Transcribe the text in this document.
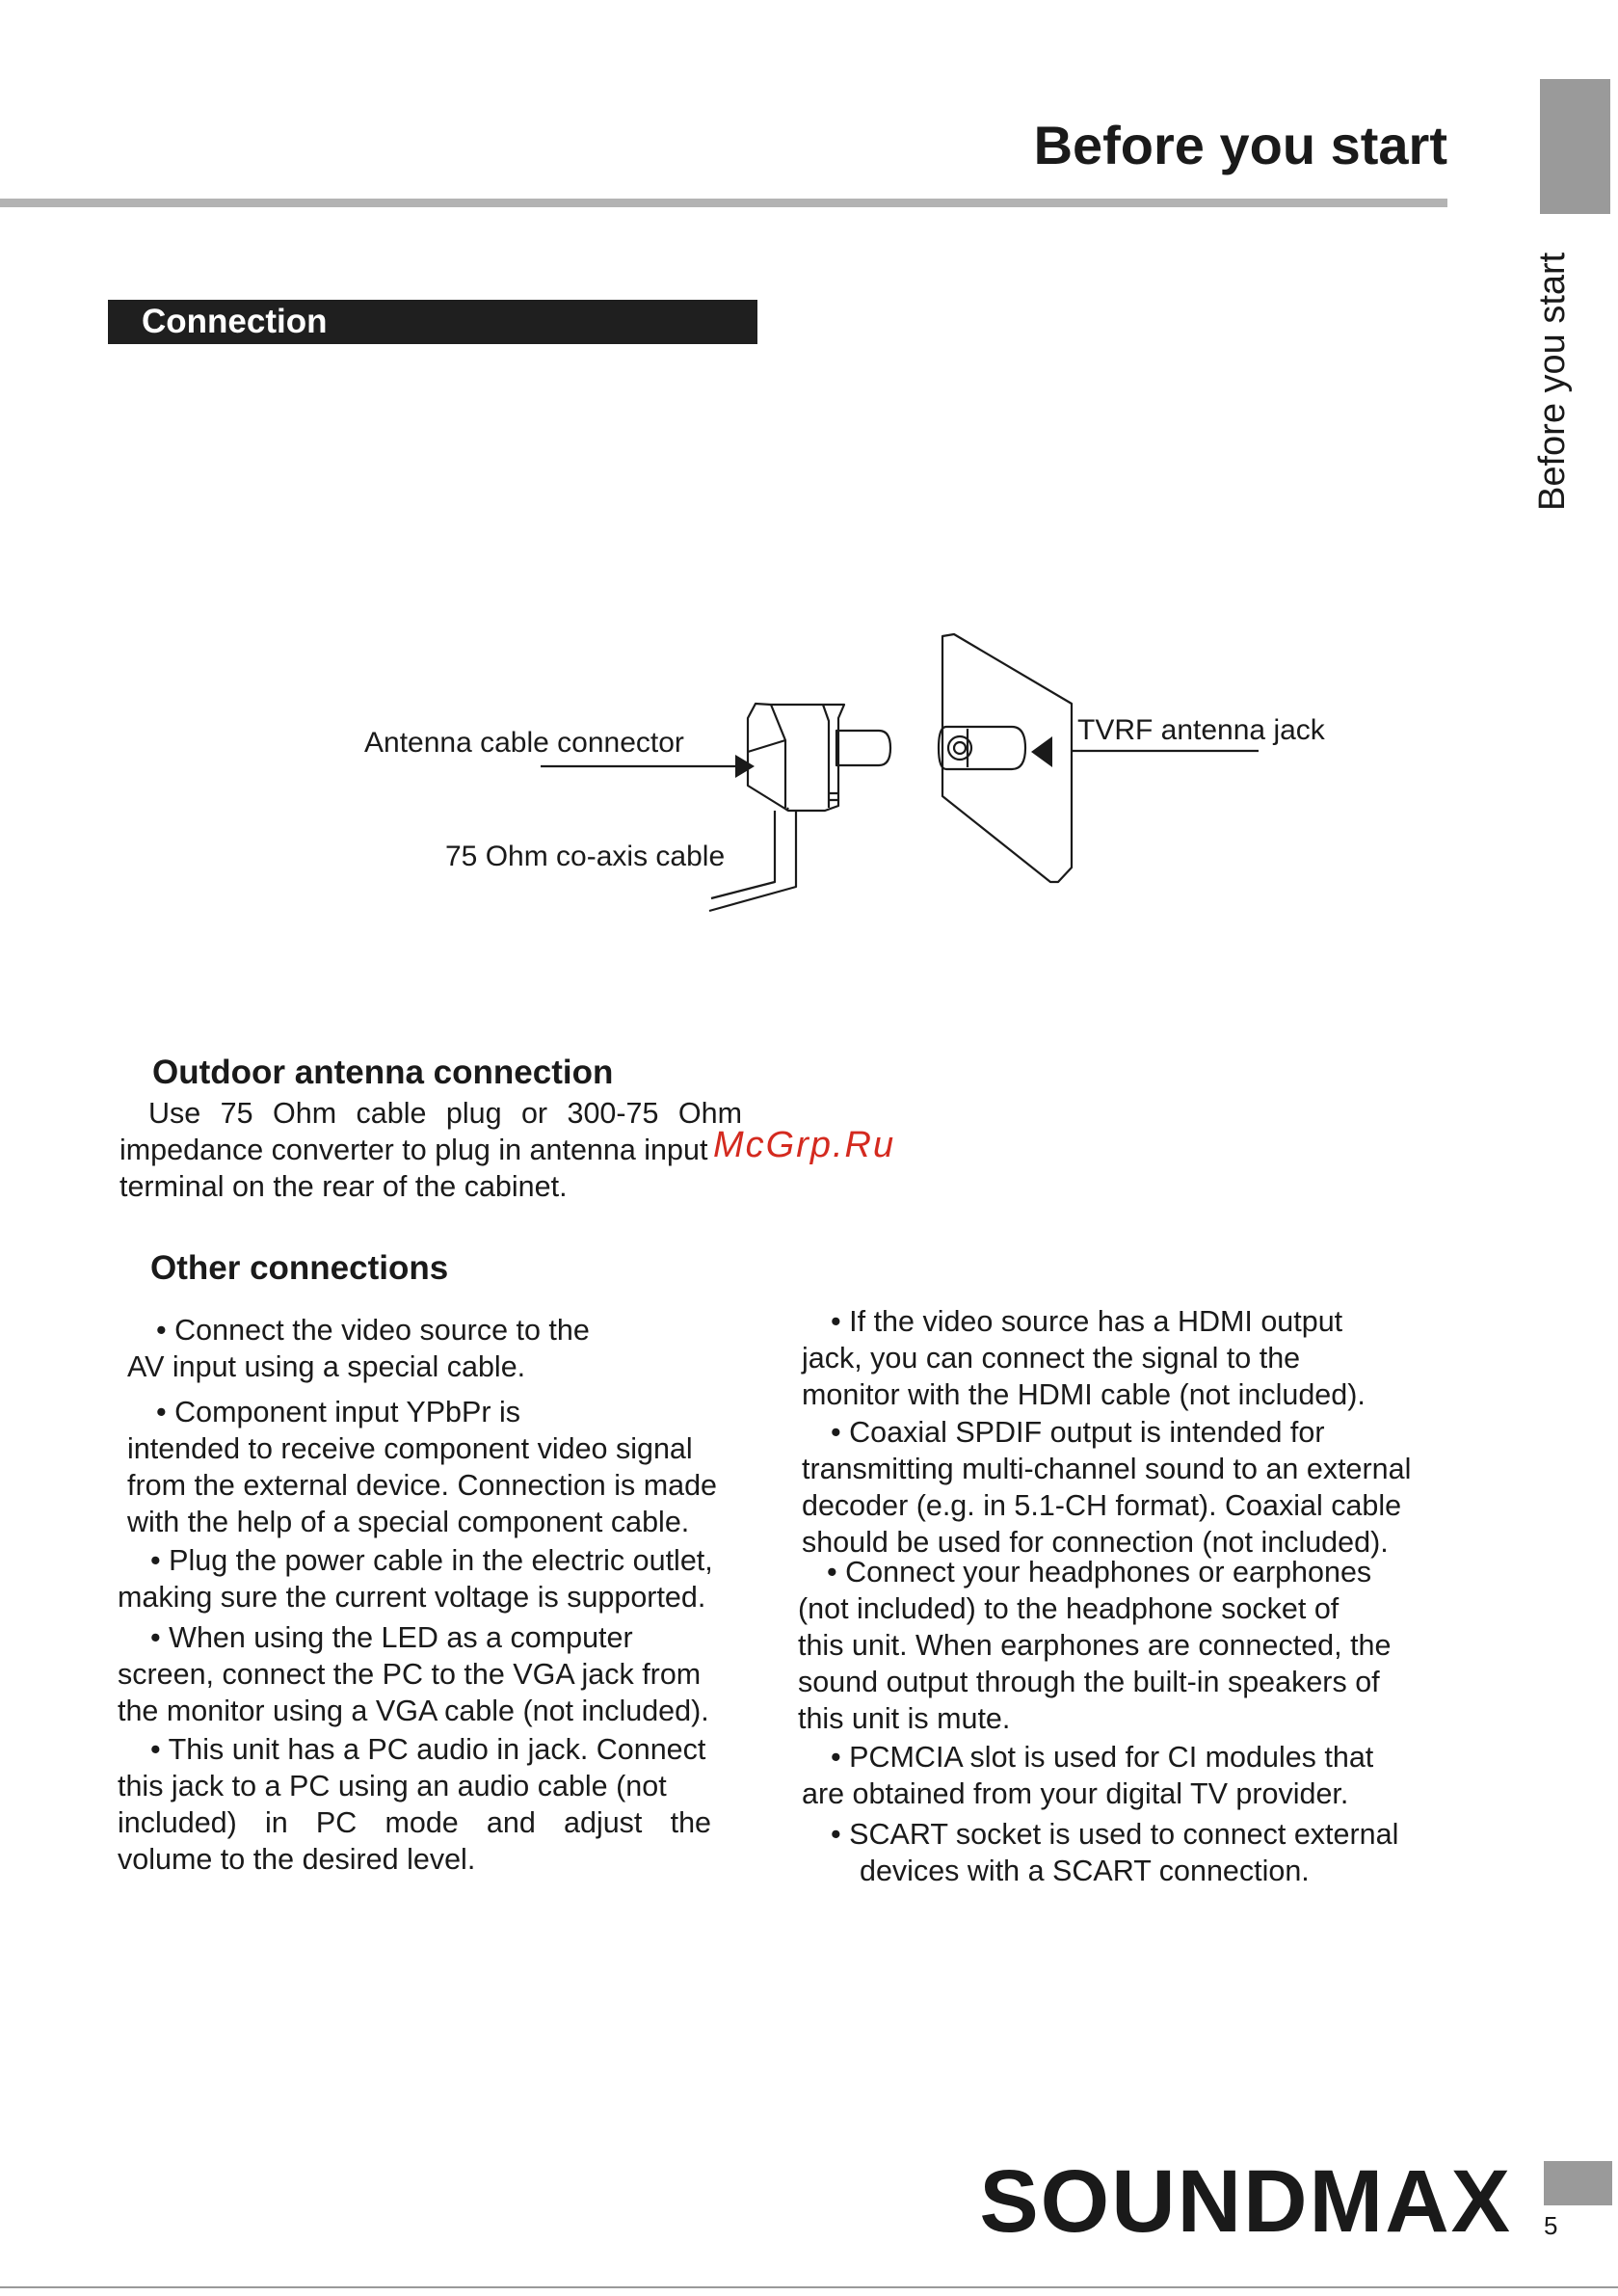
Before you start
Before you start
Connection
Antenna cable connector
75 Ohm co-axis cable
TVRF antenna jack
Outdoor antenna connection
Use 75 Ohm cable plug or 300-75 Ohm
impedance converter to plug in antenna input
terminal on the rear of the cabinet.
Other connections
• Connect the video source to the
AV input using a special cable.
• Component input YPbPr is
intended to receive component video signal
from the external device. Connection is made
with the help of a special component cable.
• Plug the power cable in the electric outlet,
making sure the current voltage is supported.
• When using the LED as a computer
screen, connect the PC to the VGA jack from
the monitor using a VGA cable (not included).
• This unit has a PC audio in jack. Connect
this jack to a PC using an audio cable (not
included) in PC mode and adjust the
volume to the desired level.
• If the video source has a HDMI output
jack, you can connect the signal to the
monitor with the HDMI cable (not included).
• Coaxial SPDIF output is intended for
transmitting multi-channel sound to an external
decoder (e.g. in 5.1-CH format). Coaxial cable
should be used for connection (not included).
• Connect your headphones or earphones
(not included) to the headphone socket of
this unit. When earphones are connected, the
sound output through the built-in speakers of
this unit is mute.
• PCMCIA slot is used for CI modules that
are obtained from your digital TV provider.
• SCART socket is used to connect external
devices with a SCART connection.
McGrp.Ru
SOUNDMAX 5
